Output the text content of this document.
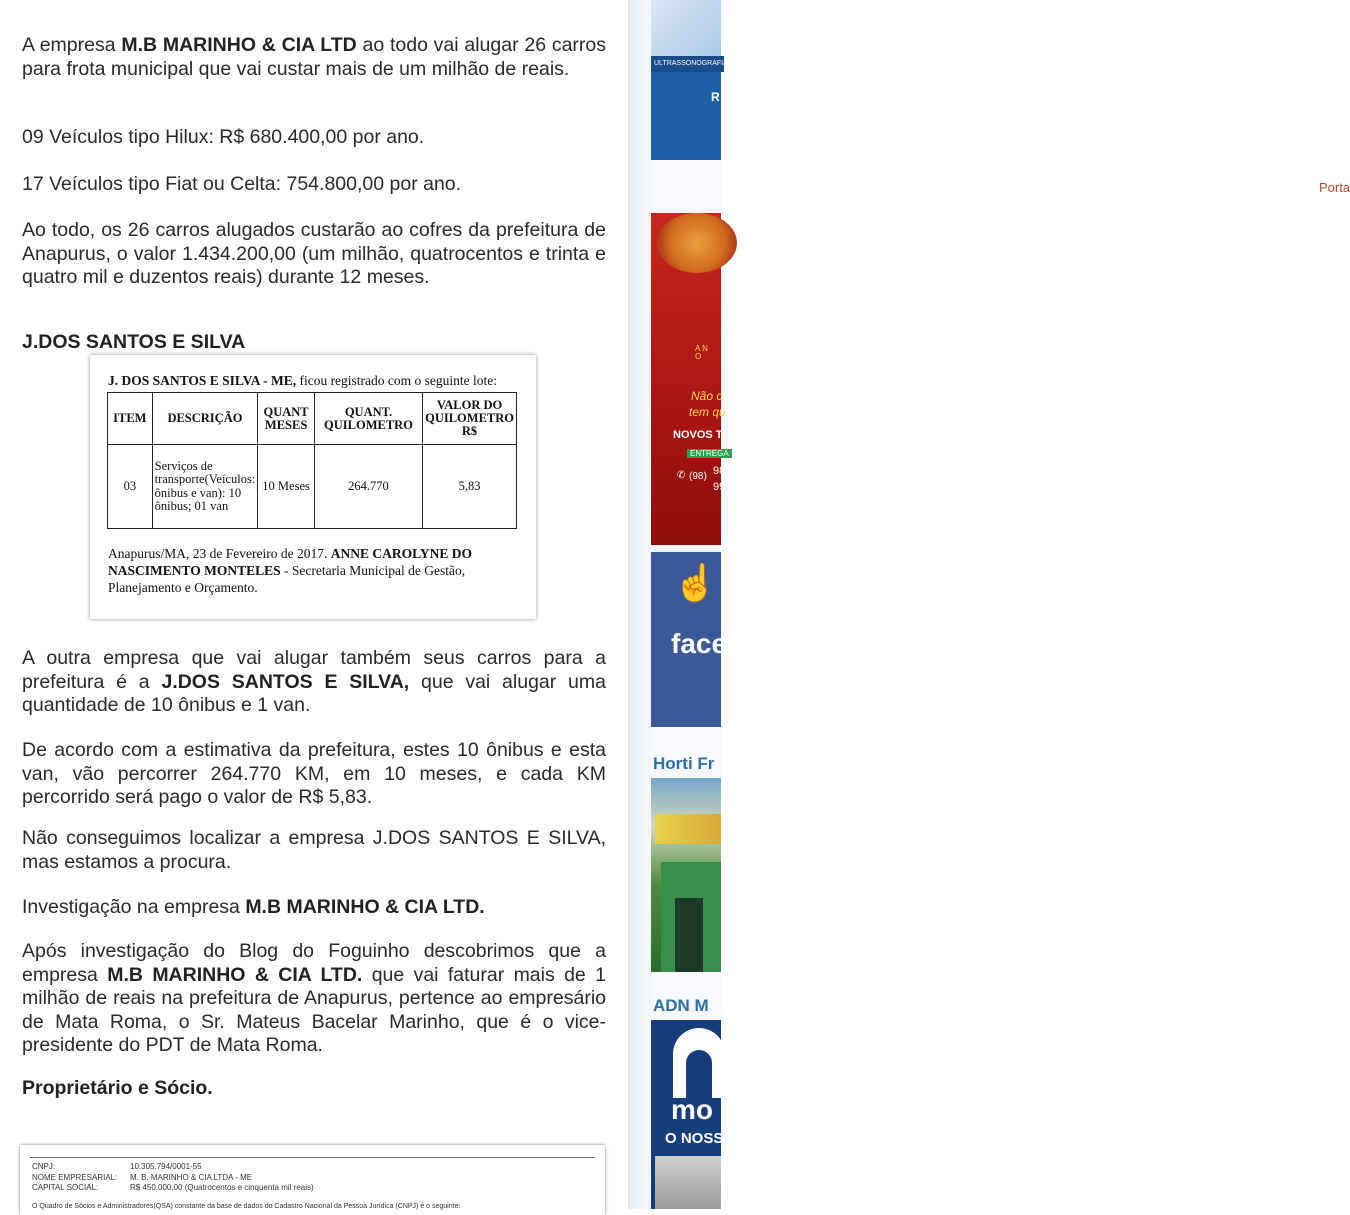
A empresa M.B MARINHO & CIA LTD ao todo vai alugar 26 carros para frota municipal que vai custar mais de um milhão de reais.

09 Veículos tipo Hilux: R$ 680.400,00 por ano.

17 Veículos tipo Fiat ou Celta: 754.800,00 por ano.

Ao todo, os 26 carros alugados custarão ao cofres da prefeitura de Anapurus, o valor 1.434.200,00 (um milhão, quatrocentos e trinta e quatro mil e duzentos reais) durante 12 meses.

J.DOS SANTOS E SILVA

J. DOS SANTOS E SILVA - ME, ficou registrado com o seguinte lote:
ITEM	DESCRIÇÃO	QUANT MESES	QUANT. QUILOMETRO	VALOR DO QUILOMETRO R$
03	Serviços de transporte(Veículos: ônibus e van): 10 ônibus; 01 van	10 Meses	264.770	5,83
Anapurus/MA, 23 de Fevereiro de 2017. ANNE CAROLYNE DO NASCIMENTO MONTELES - Secretaria Municipal de Gestão, Planejamento e Orçamento.

A outra empresa que vai alugar também seus carros para a prefeitura é a J.DOS SANTOS E SILVA, que vai alugar uma quantidade de 10 ônibus e 1 van.

De acordo com a estimativa da prefeitura, estes 10 ônibus e esta van, vão percorrer 264.770 KM, em 10 meses, e cada KM percorrido será pago o valor de R$ 5,83.

Não conseguimos localizar a empresa J.DOS SANTOS E SILVA, mas estamos a procura.

Investigação na empresa M.B MARINHO & CIA LTD.

Após investigação do Blog do Foguinho descobrimos que a empresa M.B MARINHO & CIA LTD. que vai faturar mais de 1 milhão de reais na prefeitura de Anapurus, pertence ao empresário de Mata Roma, o Sr. Mateus Bacelar Marinho, que é o vice-presidente do PDT de Mata Roma.

Proprietário e Sócio.

CNPJ:	10.305.794/0001-55
NOME EMPRESARIAL: M. B. MARINHO & CIA LTDA - ME
CAPITAL SOCIAL:	R$ 450.000,00 (Quatrocentos e cinquenta mil reais)
O Quadro de Sócios e Administradores(QSA) constante da base de dados do Cadastro Nacional da Pessoa Jurídica (CNPJ) é o seguinte:
ULTRASSONOGRAFIA
R
Porta
A N
O
Não c
tem qu
NOVOS TAI
ENTREGA
✆ (98) 985
991
☝
face
Horti Fr
ADN M
mo
O NOSS
